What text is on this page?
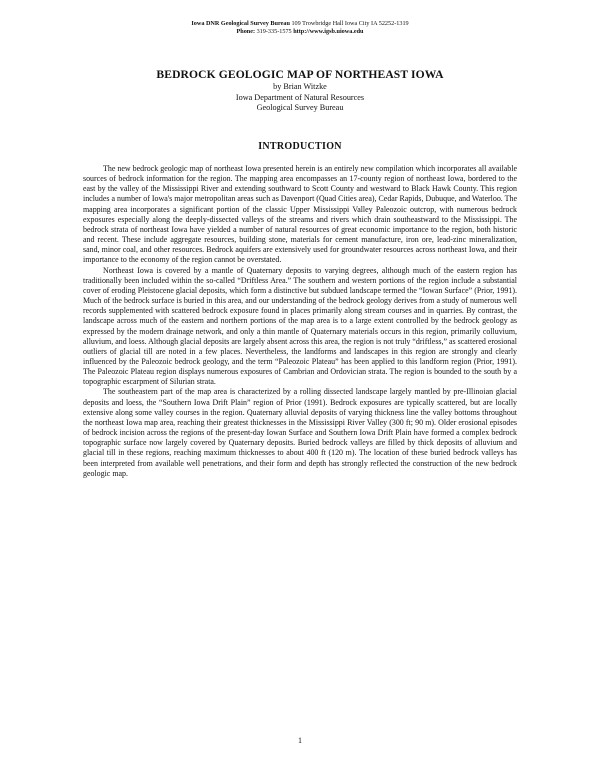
Iowa DNR Geological Survey Bureau 109 Trowbridge Hall Iowa City IA 52252-1319
Phone: 319-335-1575 http://www.igsb.uiowa.edu
BEDROCK GEOLOGIC MAP OF NORTHEAST IOWA
by Brian Witzke
Iowa Department of Natural Resources
Geological Survey Bureau
INTRODUCTION

The new bedrock geologic map of northeast Iowa presented herein is an entirely new compilation which incorporates all available sources of bedrock information for the region. The mapping area encompasses an 17-county region of northeast Iowa, bordered to the east by the valley of the Mississippi River and extending southward to Scott County and westward to Black Hawk County. This region includes a number of Iowa's major metropolitan areas such as Davenport (Quad Cities area), Cedar Rapids, Dubuque, and Waterloo. The mapping area incorporates a significant portion of the classic Upper Mississippi Valley Paleozoic outcrop, with numerous bedrock exposures especially along the deeply-dissected valleys of the streams and rivers which drain southeastward to the Mississippi. The bedrock strata of northeast Iowa have yielded a number of natural resources of great economic importance to the region, both historic and recent. These include aggregate resources, building stone, materials for cement manufacture, iron ore, lead-zinc mineralization, sand, minor coal, and other resources. Bedrock aquifers are extensively used for groundwater resources across northeast Iowa, and their importance to the economy of the region cannot be overstated.

Northeast Iowa is covered by a mantle of Quaternary deposits to varying degrees, although much of the eastern region has traditionally been included within the so-called “Driftless Area.” The southern and western portions of the region include a substantial cover of eroding Pleistocene glacial deposits, which form a distinctive but subdued landscape termed the “Iowan Surface” (Prior, 1991). Much of the bedrock surface is buried in this area, and our understanding of the bedrock geology derives from a study of numerous well records supplemented with scattered bedrock exposure found in places primarily along stream courses and in quarries. By contrast, the landscape across much of the eastern and northern portions of the map area is to a large extent controlled by the bedrock geology as expressed by the modern drainage network, and only a thin mantle of Quaternary materials occurs in this region, primarily colluvium, alluvium, and loess. Although glacial deposits are largely absent across this area, the region is not truly “driftless,” as scattered erosional outliers of glacial till are noted in a few places. Nevertheless, the landforms and landscapes in this region are strongly and clearly influenced by the Paleozoic bedrock geology, and the term “Paleozoic Plateau” has been applied to this landform region (Prior, 1991). The Paleozoic Plateau region displays numerous exposures of Cambrian and Ordovician strata. The region is bounded to the south by a topographic escarpment of Silurian strata.

The southeastern part of the map area is characterized by a rolling dissected landscape largely mantled by pre-Illinoian glacial deposits and loess, the “Southern Iowa Drift Plain” region of Prior (1991). Bedrock exposures are typically scattered, but are locally extensive along some valley courses in the region. Quaternary alluvial deposits of varying thickness line the valley bottoms throughout the northeast Iowa map area, reaching their greatest thicknesses in the Mississippi River Valley (300 ft; 90 m). Older erosional episodes of bedrock incision across the regions of the present-day Iowan Surface and Southern Iowa Drift Plain have formed a complex bedrock topographic surface now largely covered by Quaternary deposits. Buried bedrock valleys are filled by thick deposits of alluvium and glacial till in these regions, reaching maximum thicknesses to about 400 ft (120 m). The location of these buried bedrock valleys has been interpreted from available well penetrations, and their form and depth has strongly reflected the construction of the new bedrock geologic map.

1
